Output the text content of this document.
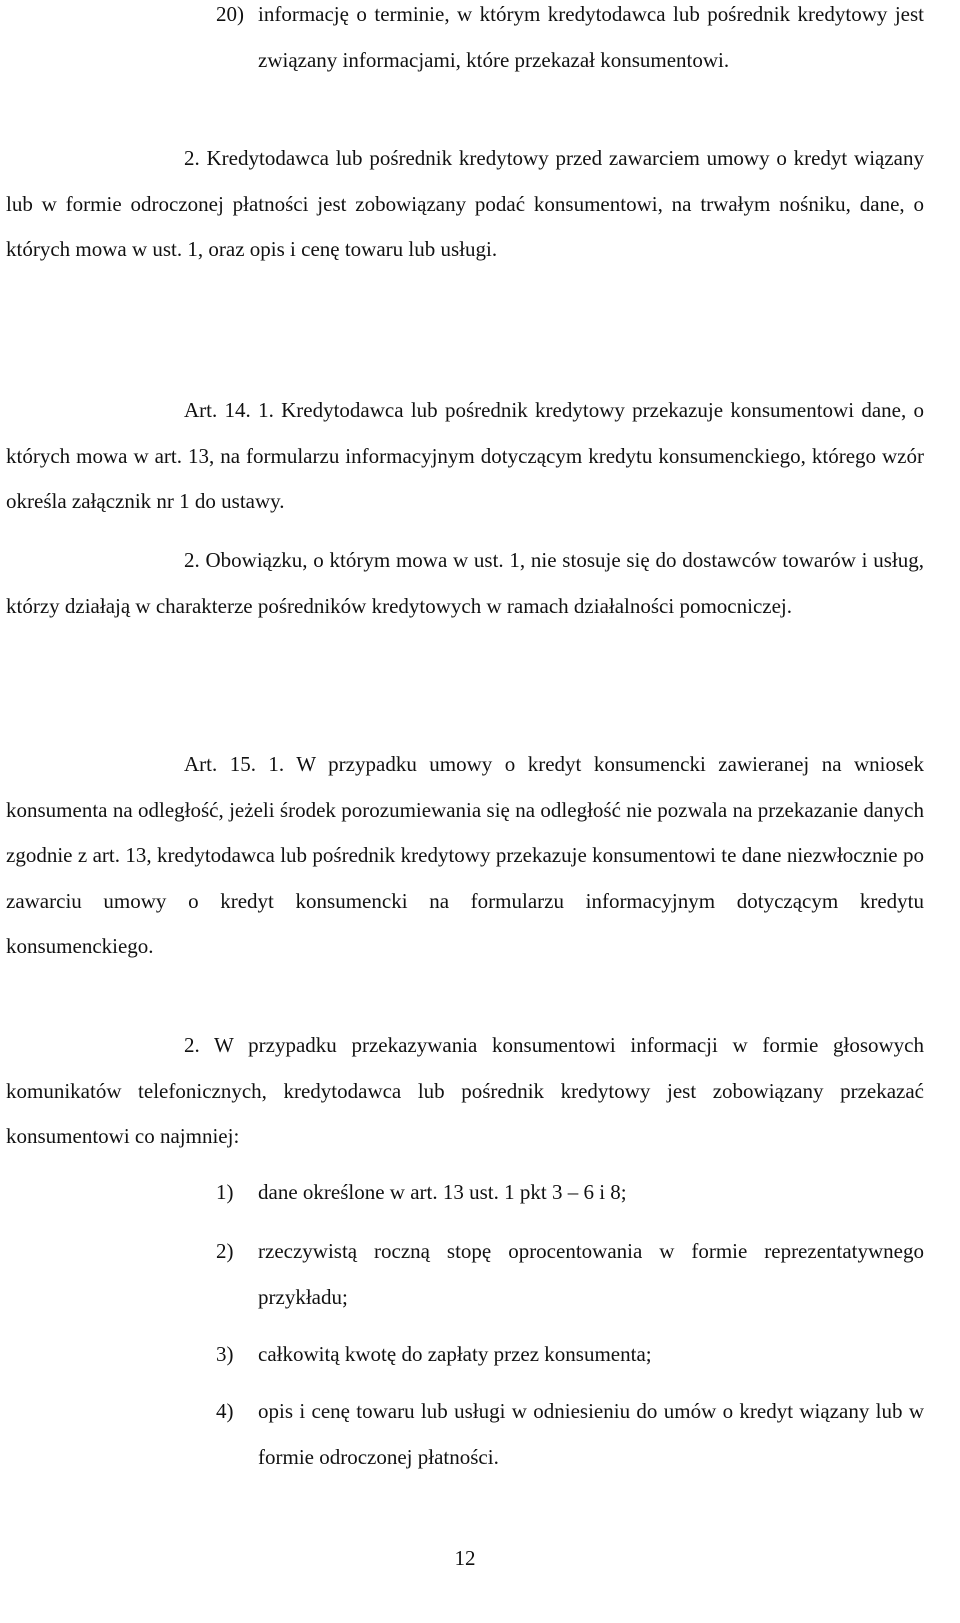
20) informację o terminie, w którym kredytodawca lub pośrednik kredytowy jest związany informacjami, które przekazał konsumentowi.

2. Kredytodawca lub pośrednik kredytowy przed zawarciem umowy o kredyt wiązany lub w formie odroczonej płatności jest zobowiązany podać konsumentowi, na trwałym nośniku, dane, o których mowa w ust. 1, oraz opis i cenę towaru lub usługi.

Art. 14. 1. Kredytodawca lub pośrednik kredytowy przekazuje konsumentowi dane, o których mowa w art. 13, na formularzu informacyjnym dotyczącym kredytu konsumenckiego, którego wzór określa załącznik nr 1 do ustawy.

2. Obowiązku, o którym mowa w ust. 1, nie stosuje się do dostawców towarów i usług, którzy działają w charakterze pośredników kredytowych w ramach działalności pomocniczej.

Art. 15. 1. W przypadku umowy o kredyt konsumencki zawieranej na wniosek konsumenta na odległość, jeżeli środek porozumiewania się na odległość nie pozwala na przekazanie danych zgodnie z art. 13, kredytodawca lub pośrednik kredytowy przekazuje konsumentowi te dane niezwłocznie po zawarciu umowy o kredyt konsumencki na formularzu informacyjnym dotyczącym kredytu konsumenckiego.

2. W przypadku przekazywania konsumentowi informacji w formie głosowych komunikatów telefonicznych, kredytodawca lub pośrednik kredytowy jest zobowiązany przekazać konsumentowi co najmniej:

1) dane określone w art. 13 ust. 1 pkt 3 – 6 i 8;

2) rzeczywistą roczną stopę oprocentowania w formie reprezentatywnego przykładu;

3) całkowitą kwotę do zapłaty przez konsumenta;

4) opis i cenę towaru lub usługi w odniesieniu do umów o kredyt wiązany lub w formie odroczonej płatności.

12
